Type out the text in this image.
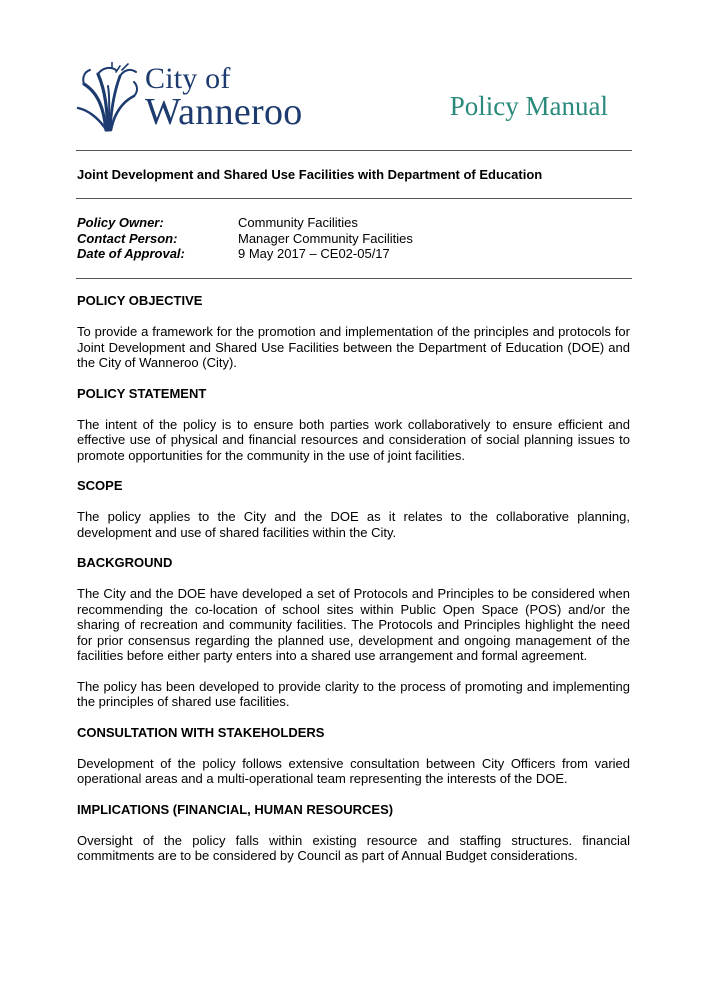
City of
Wanneroo	Policy Manual
Joint Development and Shared Use Facilities with Department of Education
Policy Owner:	Community Facilities
Contact Person:	Manager Community Facilities
Date of Approval:	9 May 2017 – CE02-05/17
POLICY OBJECTIVE

To provide a framework for the promotion and implementation of the principles and protocols for Joint Development and Shared Use Facilities between the Department of Education (DOE) and the City of Wanneroo (City).

POLICY STATEMENT

The intent of the policy is to ensure both parties work collaboratively to ensure efficient and effective use of physical and financial resources and consideration of social planning issues to promote opportunities for the community in the use of joint facilities.

SCOPE

The policy applies to the City and the DOE as it relates to the collaborative planning, development and use of shared facilities within the City.

BACKGROUND

The City and the DOE have developed a set of Protocols and Principles to be considered when recommending the co-location of school sites within Public Open Space (POS) and/or the sharing of recreation and community facilities. The Protocols and Principles highlight the need for prior consensus regarding the planned use, development and ongoing management of the facilities before either party enters into a shared use arrangement and formal agreement.

The policy has been developed to provide clarity to the process of promoting and implementing the principles of shared use facilities.

CONSULTATION WITH STAKEHOLDERS

Development of the policy follows extensive consultation between City Officers from varied operational areas and a multi-operational team representing the interests of the DOE.

IMPLICATIONS (FINANCIAL, HUMAN RESOURCES)

Oversight of the policy falls within existing resource and staffing structures. financial commitments are to be considered by Council as part of Annual Budget considerations.
